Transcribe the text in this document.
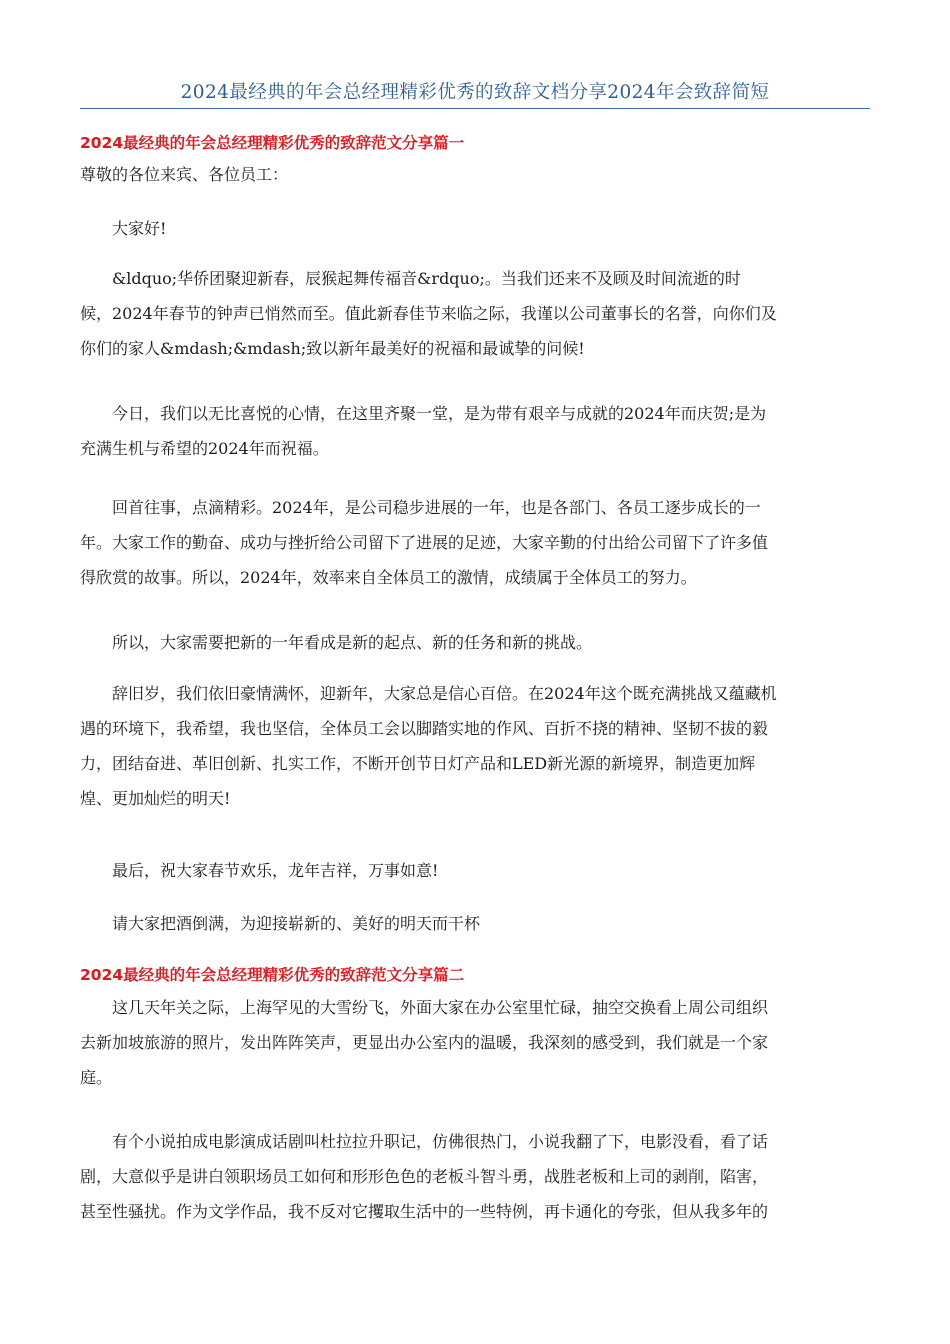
2024最经典的年会总经理精彩优秀的致辞文档分享2024年会致辞简短
2024最经典的年会总经理精彩优秀的致辞范文分享篇一
尊敬的各位来宾、各位员工：
大家好!
&ldquo;华侨团聚迎新春，辰猴起舞传福音&rdquo;。当我们还来不及顾及时间流逝的时
候，2024年春节的钟声已悄然而至。值此新春佳节来临之际，我谨以公司董事长的名誉，向你们及
你们的家人&mdash;&mdash;致以新年最美好的祝福和最诚挚的问候!
今日，我们以无比喜悦的心情，在这里齐聚一堂，是为带有艰辛与成就的2024年而庆贺;是为
充满生机与希望的2024年而祝福。
回首往事，点滴精彩。2024年，是公司稳步进展的一年，也是各部门、各员工逐步成长的一
年。大家工作的勤奋、成功与挫折给公司留下了进展的足迹，大家辛勤的付出给公司留下了许多值
得欣赏的故事。所以，2024年，效率来自全体员工的激情，成绩属于全体员工的努力。
所以，大家需要把新的一年看成是新的起点、新的任务和新的挑战。
辞旧岁，我们依旧豪情满怀，迎新年，大家总是信心百倍。在2024年这个既充满挑战又蕴藏机
遇的环境下，我希望，我也坚信，全体员工会以脚踏实地的作风、百折不挠的精神、坚韧不拔的毅
力，团结奋进、革旧创新、扎实工作，不断开创节日灯产品和LED新光源的新境界，制造更加辉
煌、更加灿烂的明天!
最后，祝大家春节欢乐，龙年吉祥，万事如意!
请大家把酒倒满，为迎接崭新的、美好的明天而干杯
2024最经典的年会总经理精彩优秀的致辞范文分享篇二
这几天年关之际，上海罕见的大雪纷飞，外面大家在办公室里忙碌，抽空交换看上周公司组织
去新加坡旅游的照片，发出阵阵笑声，更显出办公室内的温暖，我深刻的感受到，我们就是一个家
庭。
有个小说拍成电影演成话剧叫杜拉拉升职记，仿佛很热门，小说我翻了下，电影没看，看了话
剧，大意似乎是讲白领职场员工如何和形形色色的老板斗智斗勇，战胜老板和上司的剥削，陷害，
甚至性骚扰。作为文学作品，我不反对它攫取生活中的一些特例，再卡通化的夸张，但从我多年的
